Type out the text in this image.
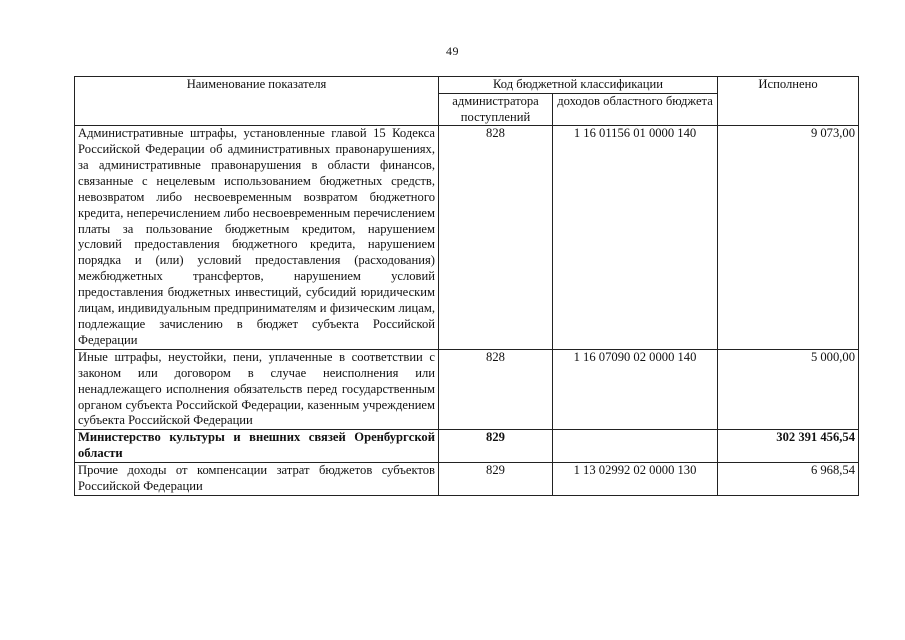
49
Наименование показателя	Код бюджетной классификации		Исполнено
	администратора поступлений	доходов областного бюджета	
Административные штрафы, установленные главой 15 Кодекса Российской Федерации об административных правонарушениях, за административные правонарушения в области финансов, связанные с нецелевым использованием бюджетных средств, невозвратом либо несвоевременным возвратом бюджетного кредита, неперечислением либо несвоевременным перечислением платы за пользование бюджетным кредитом, нарушением условий предоставления бюджетного кредита, нарушением порядка и (или) условий предоставления (расходования) межбюджетных трансфертов, нарушением условий предоставления бюджетных инвестиций, субсидий юридическим лицам, индивидуальным предпринимателям и физическим лицам, подлежащие зачислению в бюджет субъекта Российской Федерации	828	1 16 01156 01 0000 140	9 073,00
Иные штрафы, неустойки, пени, уплаченные в соответствии с законом или договором в случае неисполнения или ненадлежащего исполнения обязательств перед государственным органом субъекта Российской Федерации, казенным учреждением субъекта Российской Федерации	828	1 16 07090 02 0000 140	5 000,00
Министерство культуры и внешних связей Оренбургской области	829		302 391 456,54
Прочие доходы от компенсации затрат бюджетов субъектов Российской Федерации	829	1 13 02992 02 0000 130	6 968,54
